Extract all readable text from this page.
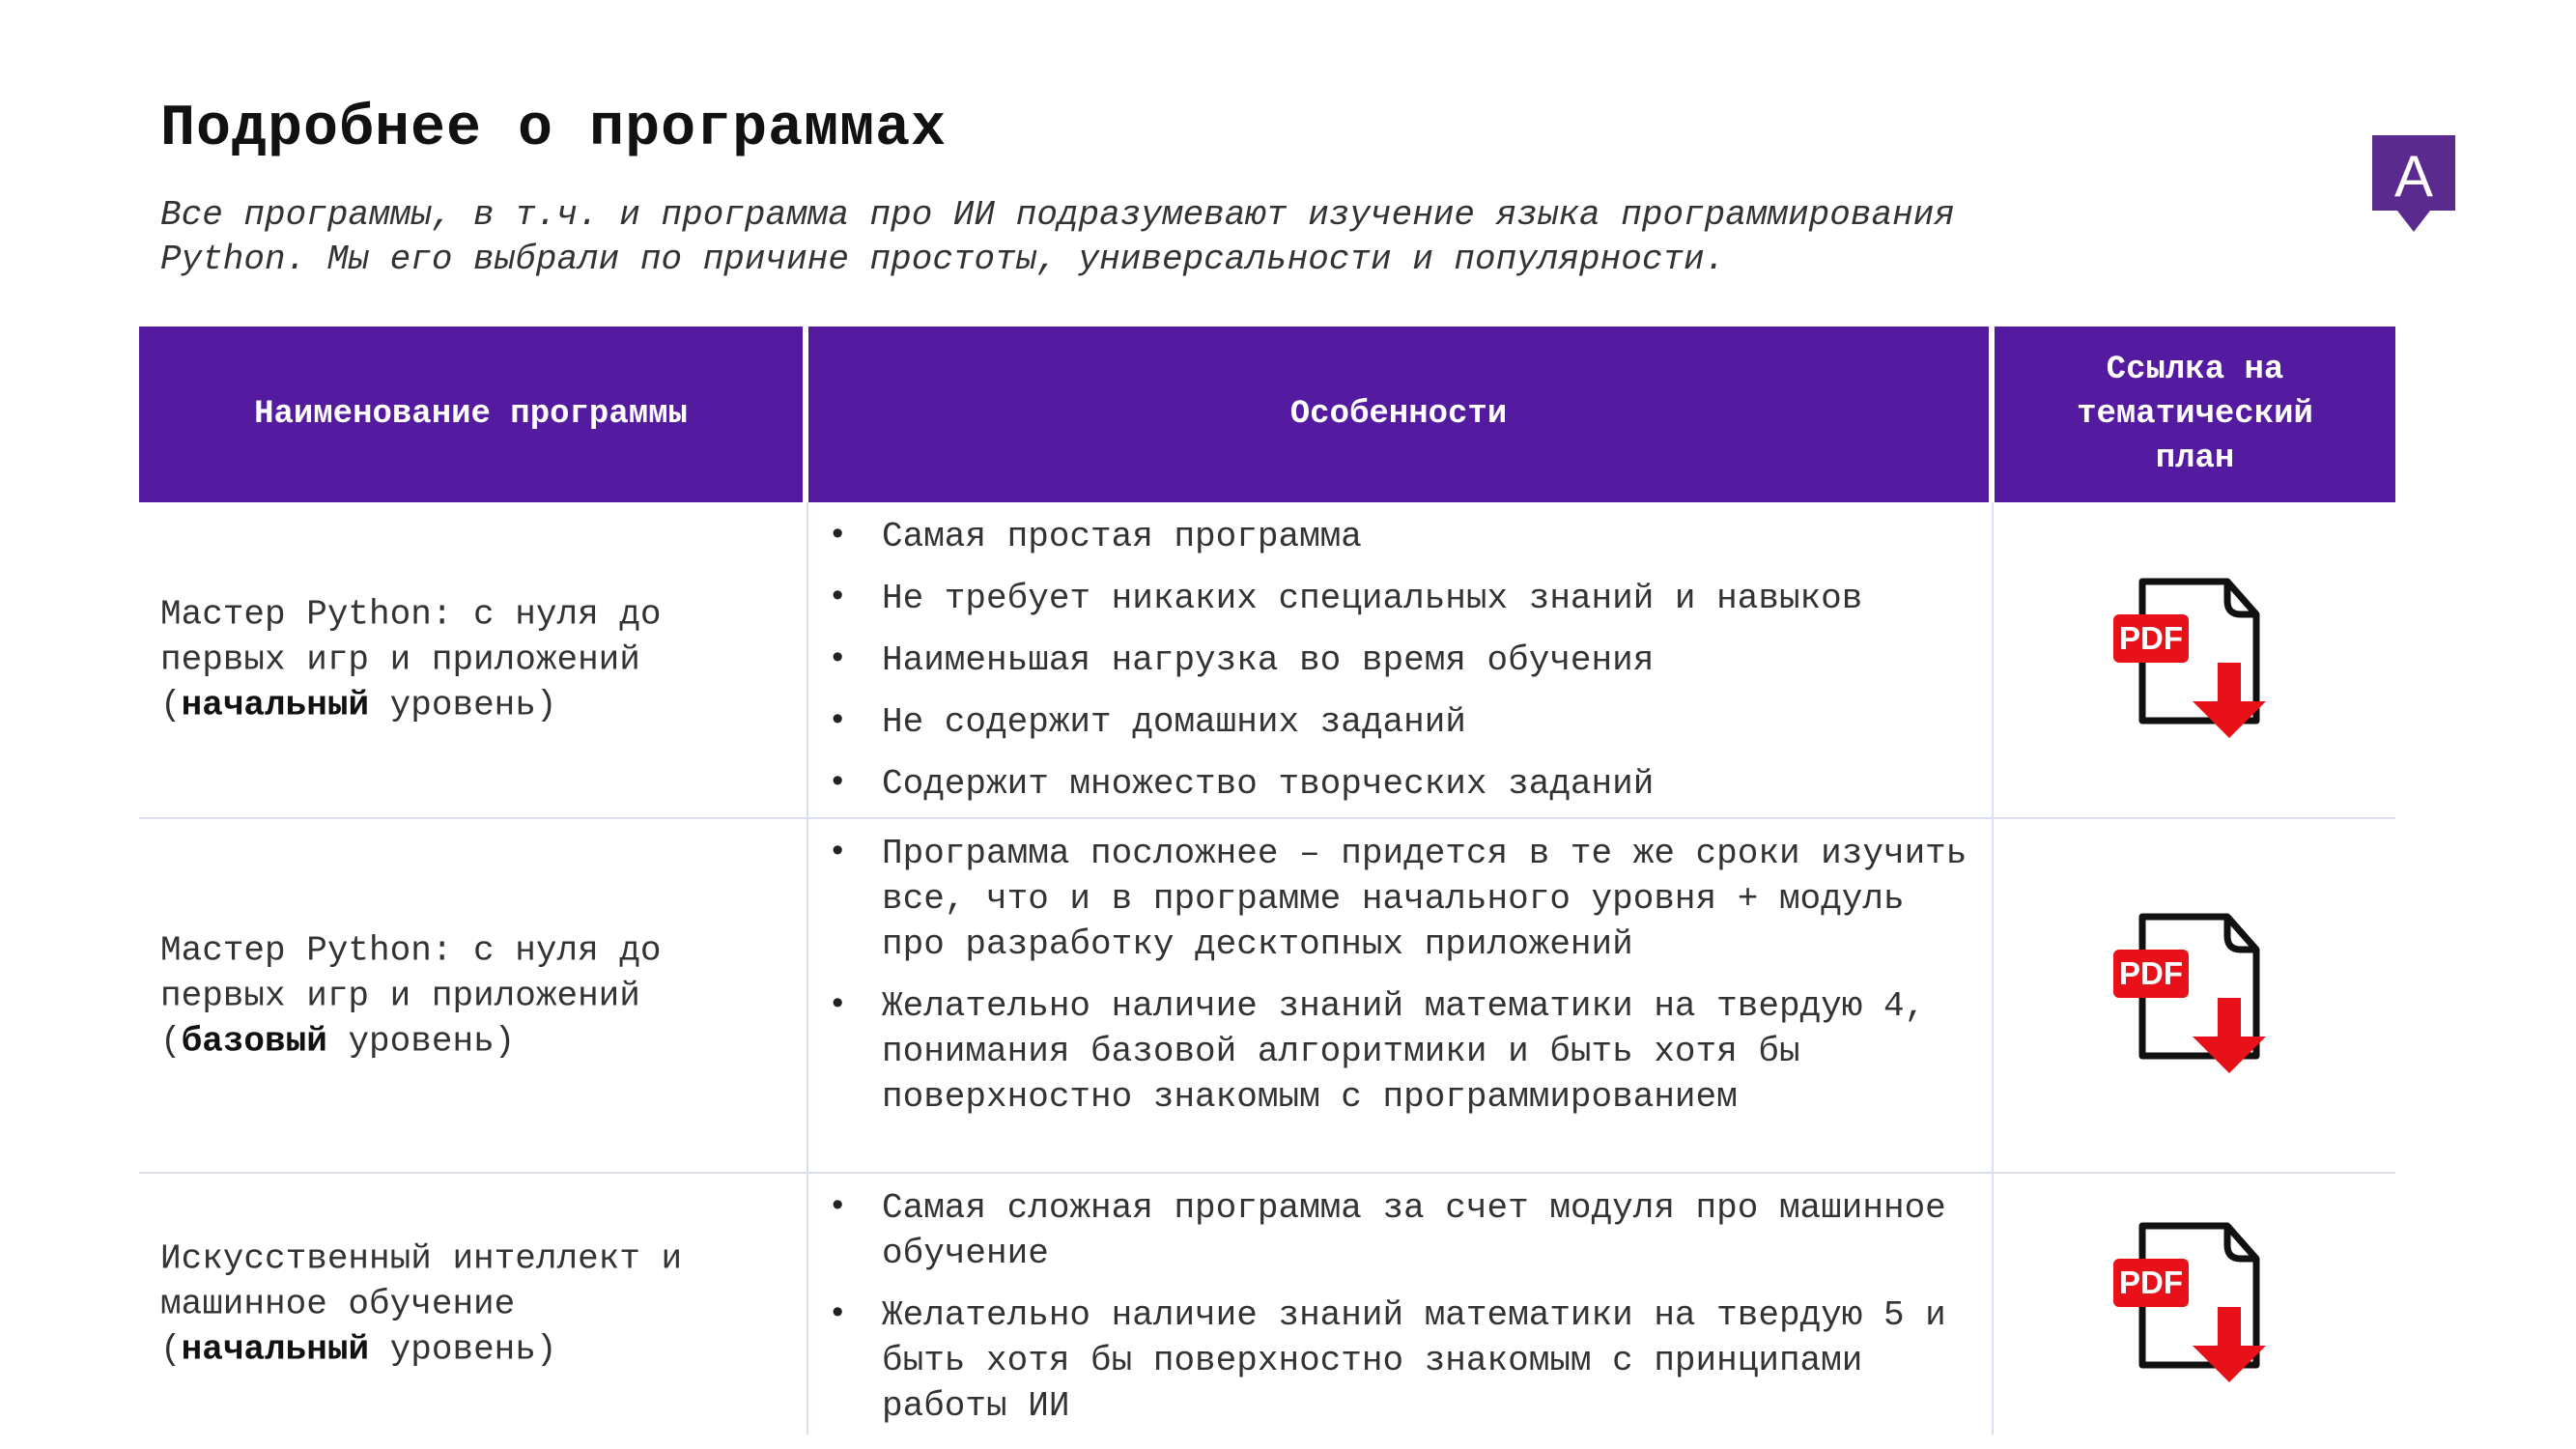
Подробнее о программах
Все программы, в т.ч. и программа про ИИ подразумевают изучение языка программирования
Python. Мы его выбрали по причине простоты, универсальности и популярности.
A
Наименование программы	Особенности
Ссылка на
тематический
план
Мастер Python: с нуля до
первых игр и приложений
(начальный уровень)
• Самая простая программа
• Не требует никаких специальных знаний и навыков
• Наименьшая нагрузка во время обучения
• Не содержит домашних заданий
• Содержит множество творческих заданий
PDF
Мастер Python: с нуля до
первых игр и приложений
(базовый уровень)
• Программа посложнее – придется в те же сроки изучить все, что и в программе начального уровня + модуль про разработку десктопных приложений
• Желательно наличие знаний математики на твердую 4, понимания базовой алгоритмики и быть хотя бы поверхностно знакомым с программированием
PDF
Искусственный интеллект и
машинное обучение
(начальный уровень)
• Самая сложная программа за счет модуля про машинное обучение
• Желательно наличие знаний математики на твердую 5 и быть хотя бы поверхностно знакомым с принципами работы ИИ
PDF
